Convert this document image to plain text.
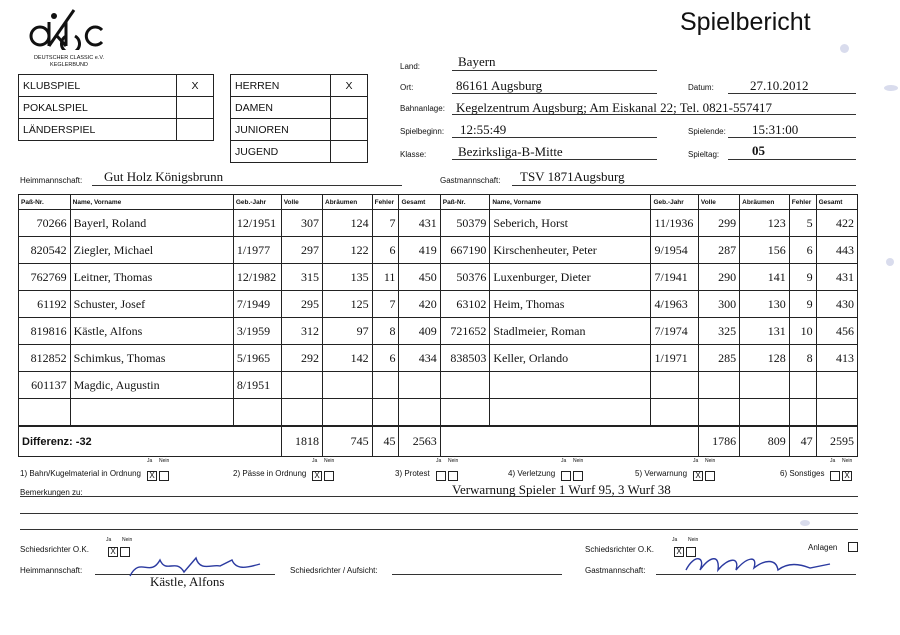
DEUTSCHER CLASSIC e.V.
KEGLERBUND
Spielbericht
KLUBSPIEL	X
POKALSPIEL	
LÄNDERSPIEL	
HERREN	X
DAMEN	
JUNIOREN	
JUGEND	
Land:	Bayern
Ort:	86161 Augsburg	Datum:	27.10.2012
Bahnanlage: Kegelzentrum Augsburg; Am Eiskanal 22; Tel. 0821-557417
Spielbeginn: 12:55:49	Spielende: 15:31:00
Klasse: Bezirksliga-B-Mitte	Spieltag:	05
Heimmannschaft: Gut Holz Königsbrunn	Gastmannschaft: TSV 1871Augsburg
Paß-Nr.	Name, Vorname	Geb.-Jahr	Volle	Abräumen	Fehler	Gesamt	Paß-Nr.	Name, Vorname	Geb.-Jahr	Volle	Abräumen	Fehler	Gesamt
70266	Bayerl, Roland	12/1951	307	124	7	431	50379	Seberich, Horst	11/1936	299	123	5	422
820542	Ziegler, Michael	1/1977	297	122	6	419	667190	Kirschenheuter, Peter	9/1954	287	156	6	443
762769	Leitner, Thomas	12/1982	315	135	11	450	50376	Luxenburger, Dieter	7/1941	290	141	9	431
61192	Schuster, Josef	7/1949	295	125	7	420	63102	Heim, Thomas	4/1963	300	130	9	430
819816	Kästle, Alfons	3/1959	312	97	8	409	721652	Stadlmeier, Roman	7/1974	325	131	10	456
812852	Schimkus, Thomas	5/1965	292	142	6	434	838503	Keller, Orlando	1/1971	285	128	8	413
601137	Magdic, Augustin	8/1951											

Differenz: -32			1818	745	45	2563				1786	809	47	2595
1) Bahn/Kugelmaterial in Ordnung
Ja Nein
X	2) Pässe in Ordnung
Ja Nein
X	3) Protest
Ja Nein
4) Verletzung
Ja Nein
5) Verwarnung
Ja Nein
X	6) Sonstiges
Ja Nein
X
Bemerkungen zu:	Verwarnung Spieler 1 Wurf 95, 3 Wurf 38
Schiedsrichter O.K.
Ja Nein
X	Schiedsrichter O.K.
Ja Nein
X	Anlagen
Heimmannschaft:
Kästle, Alfons
Schiedsrichter / Aufsicht:	Gastmannschaft:
